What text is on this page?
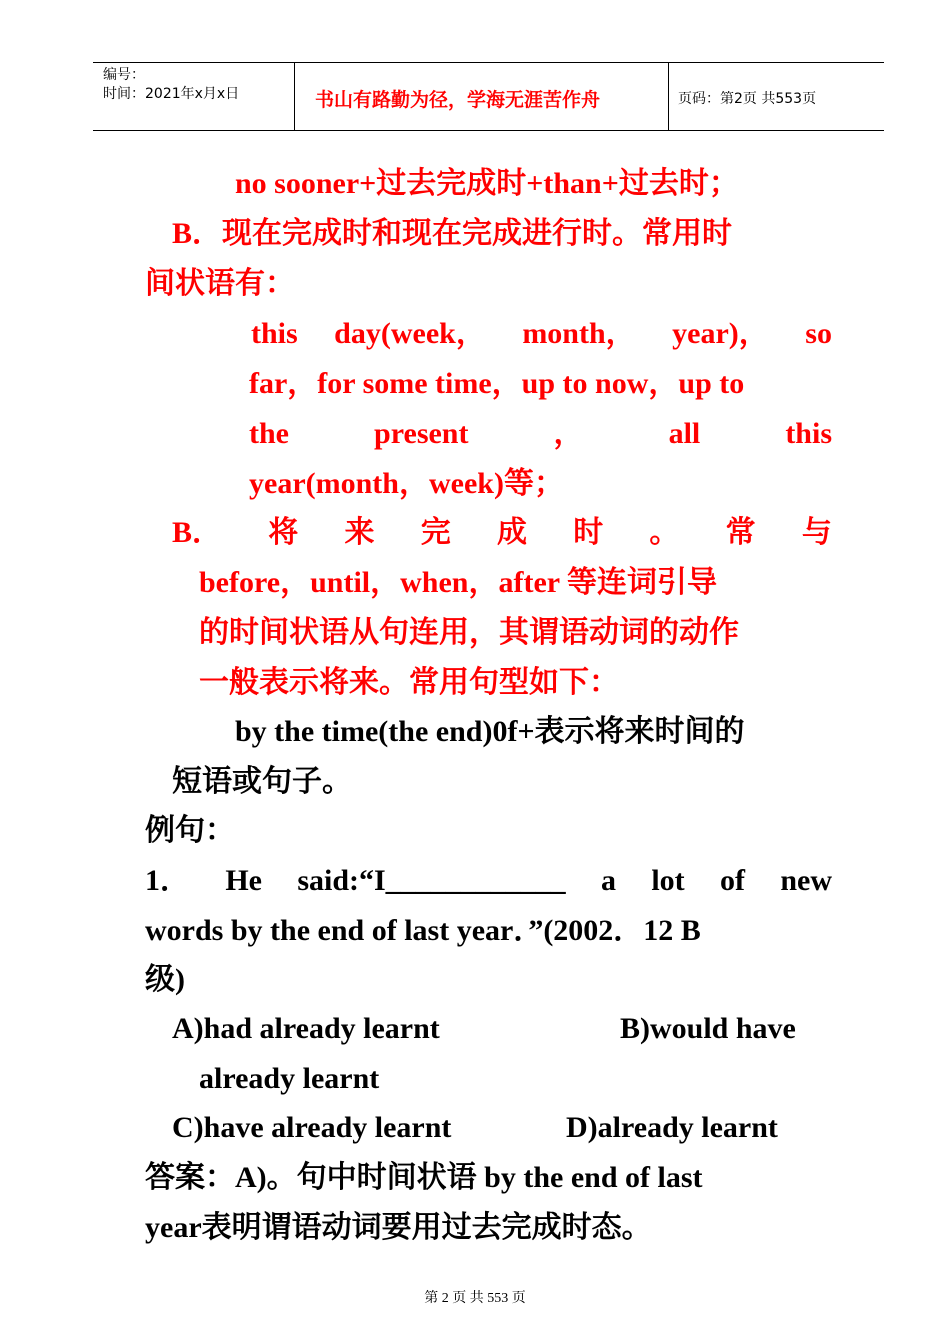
编号：
时间：2021年x月x日	书山有路勤为径，学海无涯苦作舟	页码：第2页 共553页
no sooner+过去完成时+than+过去时；
B．现在完成时和现在完成进行时。常用时
间状语有：
this day(week， month， year)， so
far，for some time，up to now，up to
the	present	，	all	this
year(month，week)等；
B． 将 来 完 成 时 。 常 与
before，until，when，after 等连词引导
的时间状语从句连用，其谓语动词的动作
一般表示将来。常用句型如下：
by the time(the end)0f+表示将来时间的
短语或句子。
例句：
1． He said:“I____________ a lot of new
words by the end of last year．”(2002．12 B
级)
A)had already learnt	B)would have
already learnt
C)have already learnt	D)already learnt
答案：A)。句中时间状语 by the end of last
year表明谓语动词要用过去完成时态。
第 2 页 共 553 页
